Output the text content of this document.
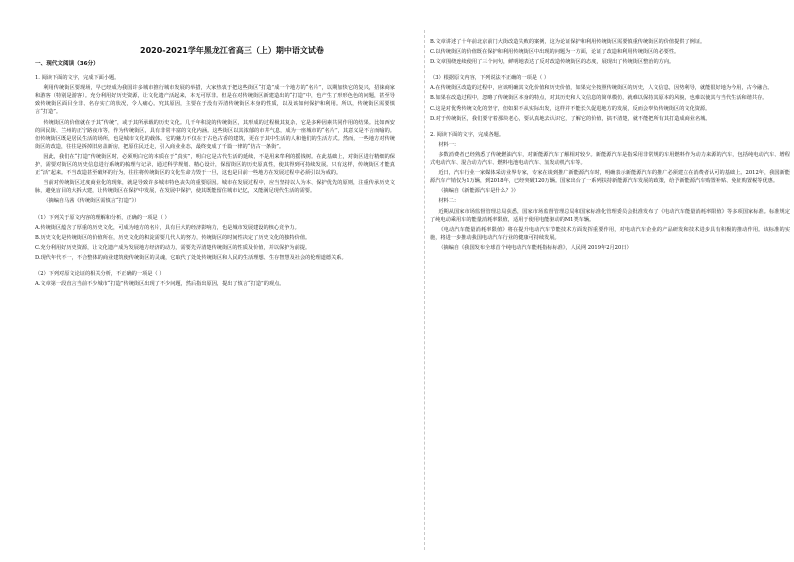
2020-2021学年黑龙江省高三（上）期中语文试卷
一、现代文阅读（36分）

1. 阅读下面的文字，完成下面小题。

利用传统街区要现场，早已经成为我国许多城市推行城市发展的举措，大家热衷于把这些街区“打造”成一个地方的“名片”，以期加快它的复兴，招徕商家和游客（特别是游客）。充分利用好历史资源，让文化遗产活起来，本无可厚非。但是在对传统街区新建造出的“打造”中，也产生了形形色色的问题，甚至导致传统街区面目全非、名存实亡的状况，令人痛心。究其原因，主要在于没有弄清传统街区本身的性质，以及该如何保护和利用。所以，传统街区需要慎言“打造”。

传统街区的价值就在于其“传统”，或于其所承载的历史文化。几千年积淀的传统街区，其形成的过程极其复杂，它是多种因素共同作用的结果。比如西安的回民街、兰州的正宁路夜市等，作为传统街区，具有非常丰富的文化内涵。这些街区以其浓郁的市井气息，成为一座城市的“名片”，其意义是不言而喻的。但传统街区既是居民生活的场所，也是城市文化的载体。它的魅力不仅在于古色古香的建筑，更在于其中生活的人和他们的生活方式。然而，一些地方对传统街区的改造，往往是拆掉旧房盖新房，把原住民迁走，引入商业业态，最终变成了千篇一律的“仿古一条街”。

因此，我们在“打造”传统街区时，必须明白它的本质在于“真实”，明白它是古代生活的延续，不是用来牟利的摇钱树。在此基础上，对街区进行精细的保护，需要对街区的历史信息进行系统的梳理与记录，通过科学规划、精心设计，保留街区的历史原真性，使其得到可持续发展。只有这样，传统街区才能真正“活”起来。不当改造甚至破坏的行为，往往将传统街区的文化生命力毁于一旦，这也是目前一些地方在发展过程中必须引以为戒的。

当前对传统街区过度商业化的现象，就是导致许多城市特色丧失的重要原因。城市在发展过程中，应当坚持以人为本、保护优先的原则，注重传承历史文脉，避免盲目的大拆大建，让传统街区在保护中发展，在发展中保护，使其既能留住城市记忆，又能满足现代生活的需要。

（摘编自马茜《传统街区需慎言“打造”》）

（1）下列关于原文内容的理解和分析，正确的一项是（ ）

A.传统街区蕴含了厚重的历史文化，可成为地方的名片，具有巨大的经济影响力，也是城市发展建设的核心竞争力。

B.历史文化是传统街区的价值所在，历史文化的积淀需要几代人的努力，传统街区的时间性决定了历史文化的独特价值。

C.充分利用好历史资源，让文化遗产成为发展地方经济的动力，需要先弄清楚传统街区的性质及价值，并以保护为前提。

D.现代年代不一，不合整体的商业建筑使传统街区的灵魂，它取代了处处传统街区和人民的生活理想、生存智慧及社会的伦理道德关系。

（2）下列对原文论证的相关分析，不正确的一项是（ ）

A.文章第一段直言当前不少城市“打造”传统街区出现了不少问题，然后指出原因，提出了慎言“打造”的观点。

B.文章讲述了十年前北京前门大街改造失败的案例，这为论证保护和利用传统街区需要慎重传统街区的价值提供了例证。

C.以传统街区的价值既在保护和利用传统街区中出现的问题为一方面，论证了改造和利用传统街区的必要性。

D.文章围绕连续使用了三个问句，鲜明地表达了反对改造传统街区的态度，展现出了传统街区整治的方向。

（3）根据原文内容，下列说法不正确的一项是（ ）

A.在传统街区改造的过程中，应该明确其文化价值和历史价值，如果完全按照传统街区的历史，人文信息，因势利导，就能很好地为今用，古今融合。

B.如果在改造过程中，忽略了传统街区本身的特点，对其历史和人文信息的简单模仿，就难以保持其原本的风貌，也难以使其与当代生活和谐共存。

C.这是对优秀传统文化的坚守，但如果不从实际出发，这样并不能长久促进地方的发展，反而会辜负传统街区的文化资源。

D.对于传统街区，我们要守着那块老心，要认真地去认识它，了解它的价值，搞不清楚，就不能把所有其打造成商业名城。

2. 阅读下面的文字，完成各题。

材料一：

多数消费者已经熟悉了传统燃油汽车，对新能源汽车了解相对较少。新能源汽车是指采用非常规的车用燃料作为动力来源的汽车，包括纯电动汽车、增程式电动汽车、混合动力汽车、燃料电池电动汽车、氢发动机汽车等。

近日，汽车行业一家媒体采访业界专家，专家在谈到推广新能源汽车时，明确表示新能源汽车的推广必须建立在消费者认可的基础上。2012年，我国新能源汽车产销仅为1万辆，到2018年，已经突破120万辆。国家出台了一系列扶持新能源汽车发展的政策，给予新能源汽车购置补贴、免征购置税等优惠。

（摘编自《新能源汽车是什么？》）

材料二：

近期从国家市场监督管理总局获悉，国家市场监督管理总局和国家标准化管理委员会批准发布了《电动汽车能量消耗率限值》等多项国家标准。标准规定了纯电动乘用车的能量消耗率限值，适用于使用电能驱动的M1类车辆。

《电动汽车能量消耗率限值》将在提升电动汽车节能技术方面发挥重要作用，对电动汽车企业的产品研发和技术进步具有积极的推动作用。该标准的实施，将进一步推动我国电动汽车行业的健康可持续发展。

（摘编自《我国发布全球首个纯电动汽车能耗指标标准》，人民网 2019年2月20日）
